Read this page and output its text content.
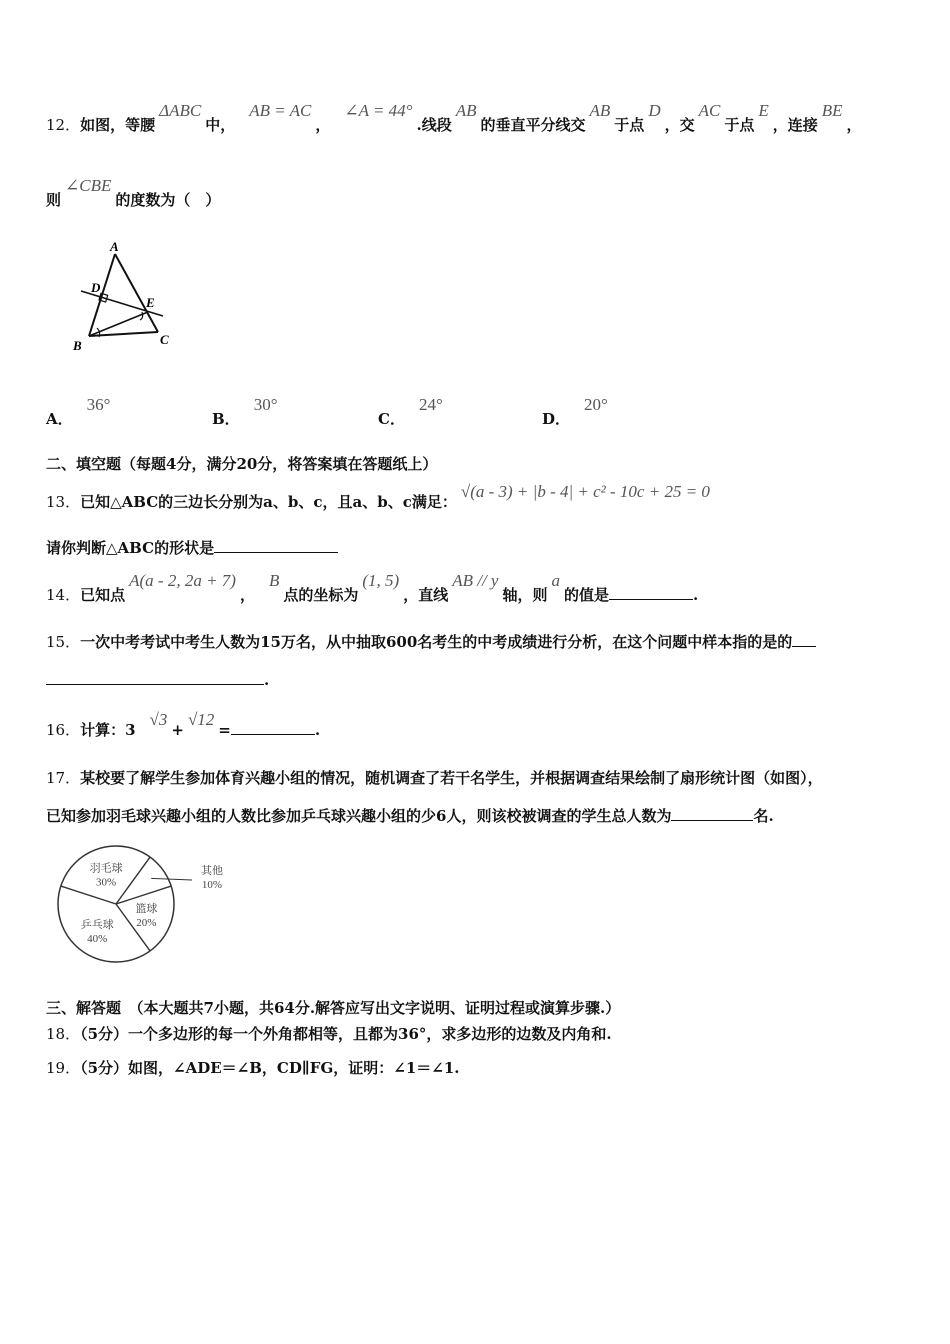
12．如图，等腰ΔABC中，AB = AC，∠A = 44°.线段AB的垂直平分线交AB于点D，交AC于点E，连接BE，
则∠CBE的度数为（　）
A
D
E
B	C
A．36°
B．30°
C．24°
D．20°
二、填空题（每题4分，满分20分，将答案填在答题纸上）
13．已知△ABC的三边长分别为a、b、c，且a、b、c满足：√(a - 3) + |b - 4| + c² - 10c + 25 = 0
请你判断△ABC的形状是
14．已知点A(a - 2, 2a + 7)，B点的坐标为(1, 5)，直线AB // y轴，则a的值是	.
15．一次中考考试中考生人数为15万名，从中抽取600名考生的中考成绩进行分析，在这个问题中样本指的是的
.
16．计算：3√3+√12=	.
17．某校要了解学生参加体育兴趣小组的情况，随机调查了若干名学生，并根据调查结果绘制了扇形统计图（如图），
已知参加羽毛球兴趣小组的人数比参加乒乓球兴趣小组的少6人，则该校被调查的学生总人数为	名.
羽毛球
30%
其他
10%
篮球
20%
乒乓球
40%
三、解答题　（本大题共7小题，共64分.解答应写出文字说明、证明过程或演算步骤.）
18．（5分）一个多边形的每一个外角都相等，且都为36°，求多边形的边数及内角和.
19．（5分）如图，∠ADE＝∠B，CD∥FG，证明：∠1＝∠1.
